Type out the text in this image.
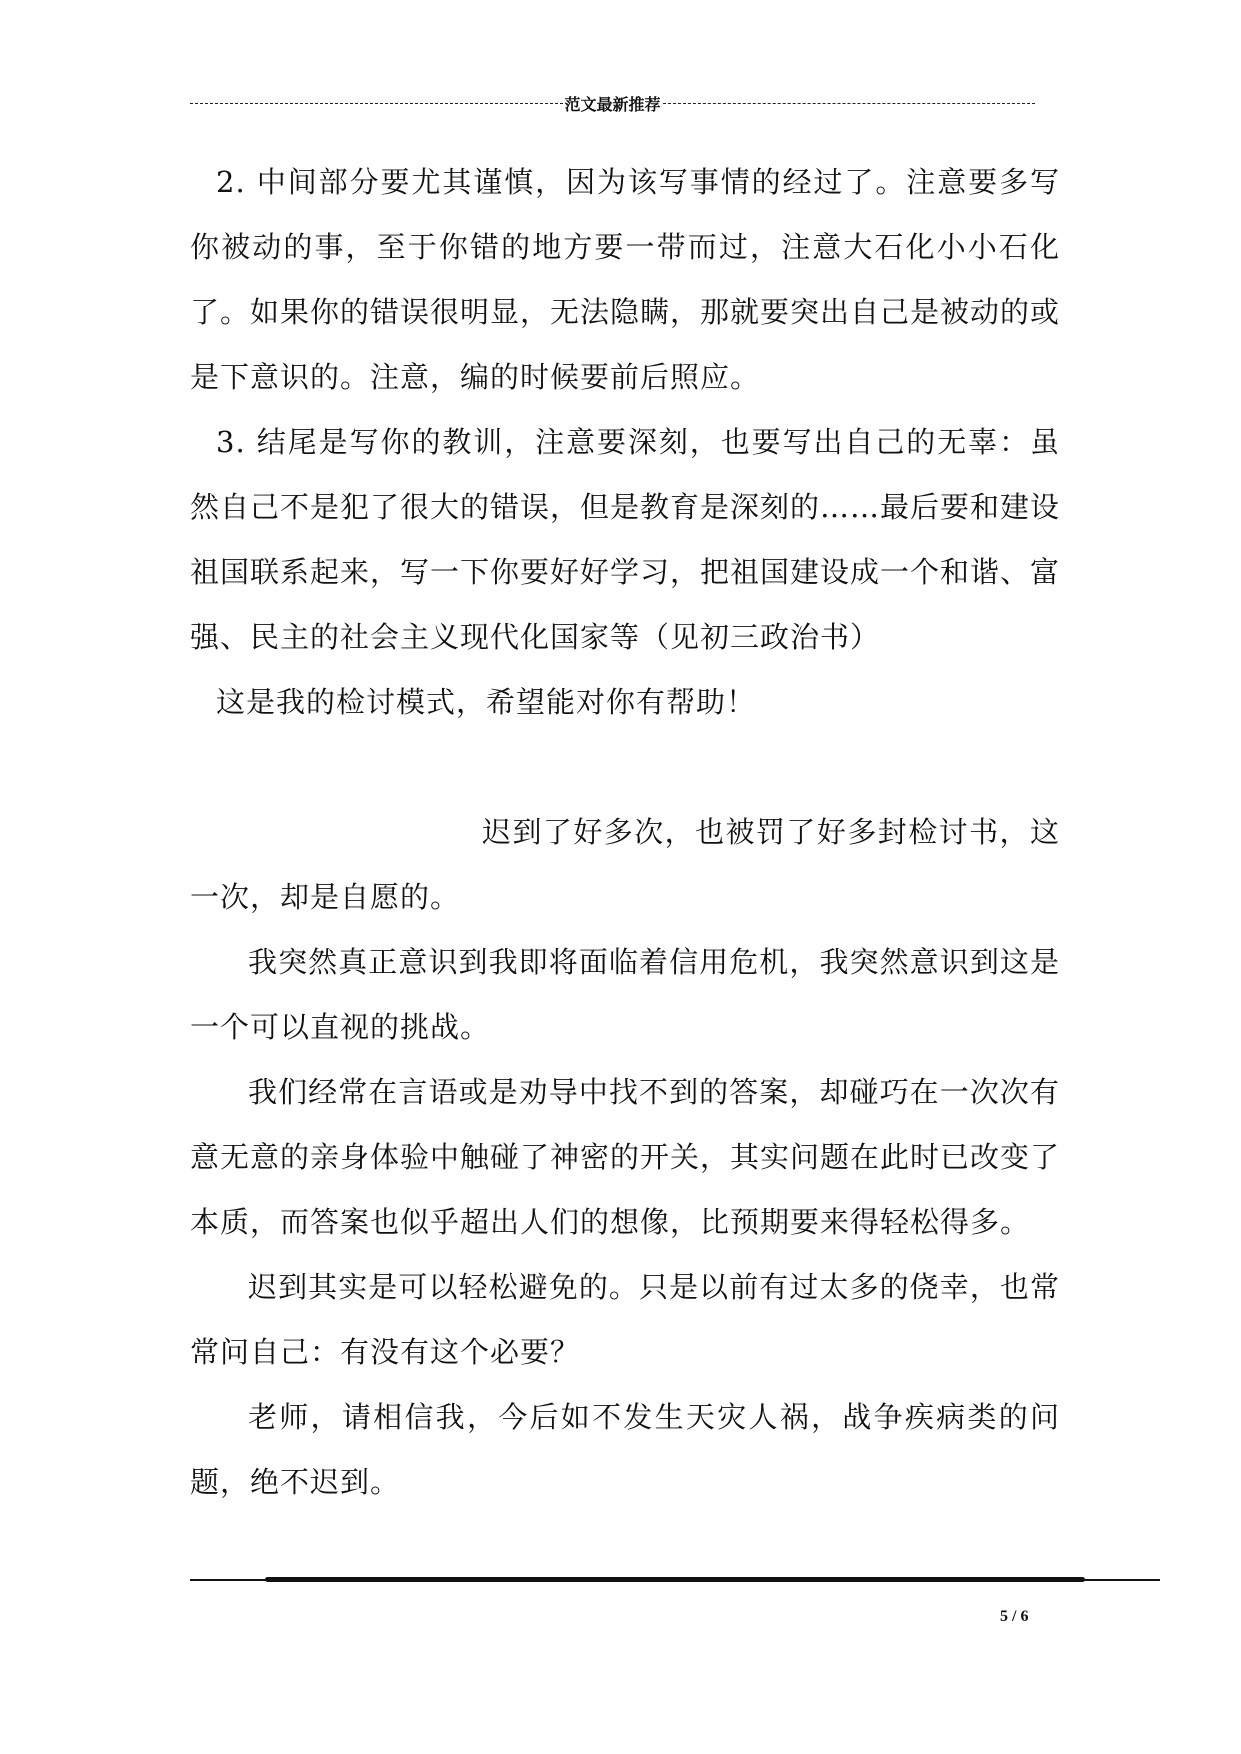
范文最新推荐

2. 中间部分要尤其谨慎，因为该写事情的经过了。注意要多写你被动的事，至于你错的地方要一带而过，注意大石化小小石化了。如果你的错误很明显，无法隐瞒，那就要突出自己是被动的或是下意识的。注意，编的时候要前后照应。

3. 结尾是写你的教训，注意要深刻，也要写出自己的无辜：虽然自己不是犯了很大的错误，但是教育是深刻的……最后要和建设祖国联系起来，写一下你要好好学习，把祖国建设成一个和谐、富强、民主的社会主义现代化国家等（见初三政治书）

这是我的检讨模式，希望能对你有帮助！

迟到了好多次，也被罚了好多封检讨书，这一次，却是自愿的。

我突然真正意识到我即将面临着信用危机，我突然意识到这是一个可以直视的挑战。

我们经常在言语或是劝导中找不到的答案，却碰巧在一次次有意无意的亲身体验中触碰了神密的开关，其实问题在此时已改变了本质，而答案也似乎超出人们的想像，比预期要来得轻松得多。

迟到其实是可以轻松避免的。只是以前有过太多的侥幸，也常常问自己：有没有这个必要？

老师，请相信我，今后如不发生天灾人祸，战争疾病类的问题，绝不迟到。

5 / 6
